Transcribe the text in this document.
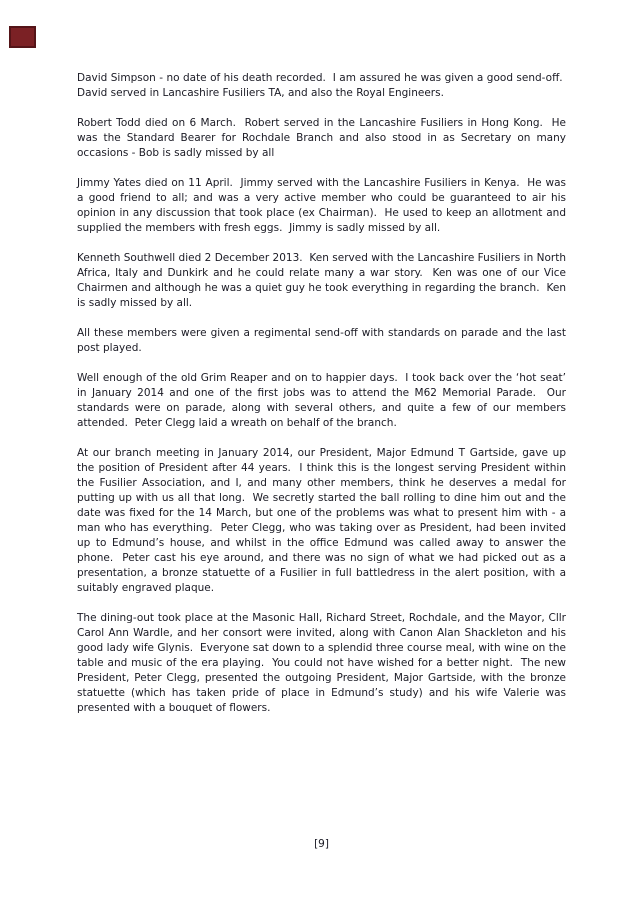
David Simpson - no date of his death recorded.  I am assured he was given a good send-off.  David served in Lancashire Fusiliers TA, and also the Royal Engineers.

Robert Todd died on 6 March.  Robert served in the Lancashire Fusiliers in Hong Kong.  He was the Standard Bearer for Rochdale Branch and also stood in as Secretary on many occasions - Bob is sadly missed by all

Jimmy Yates died on 11 April.  Jimmy served with the Lancashire Fusiliers in Kenya.  He was a good friend to all; and was a very active member who could be guaranteed to air his opinion in any discussion that took place (ex Chairman).  He used to keep an allotment and supplied the members with fresh eggs.  Jimmy is sadly missed by all.

Kenneth Southwell died 2 December 2013.  Ken served with the Lancashire Fusiliers in North Africa, Italy and Dunkirk and he could relate many a war story.  Ken was one of our Vice Chairmen and although he was a quiet guy he took everything in regarding the branch.  Ken is sadly missed by all.

All these members were given a regimental send-off with standards on parade and the last post played.

Well enough of the old Grim Reaper and on to happier days.  I took back over the ‘hot seat’ in January 2014 and one of the first jobs was to attend the M62 Memorial Parade.  Our standards were on parade, along with several others, and quite a few of our members attended.  Peter Clegg laid a wreath on behalf of the branch.

At our branch meeting in January 2014, our President, Major Edmund T Gartside, gave up the position of President after 44 years.  I think this is the longest serving President within the Fusilier Association, and I, and many other members, think he deserves a medal for putting up with us all that long.  We secretly started the ball rolling to dine him out and the date was fixed for the 14 March, but one of the problems was what to present him with - a man who has everything.  Peter Clegg, who was taking over as President, had been invited up to Edmund’s house, and whilst in the office Edmund was called away to answer the phone.  Peter cast his eye around, and there was no sign of what we had picked out as a presentation, a bronze statuette of a Fusilier in full battledress in the alert position, with a suitably engraved plaque.

The dining-out took place at the Masonic Hall, Richard Street, Rochdale, and the Mayor, Cllr Carol Ann Wardle, and her consort were invited, along with Canon Alan Shackleton and his good lady wife Glynis.  Everyone sat down to a splendid three course meal, with wine on the table and music of the era playing.  You could not have wished for a better night.  The new President, Peter Clegg, presented the outgoing President, Major Gartside, with the bronze statuette (which has taken pride of place in Edmund’s study) and his wife Valerie was presented with a bouquet of flowers.

[9]
